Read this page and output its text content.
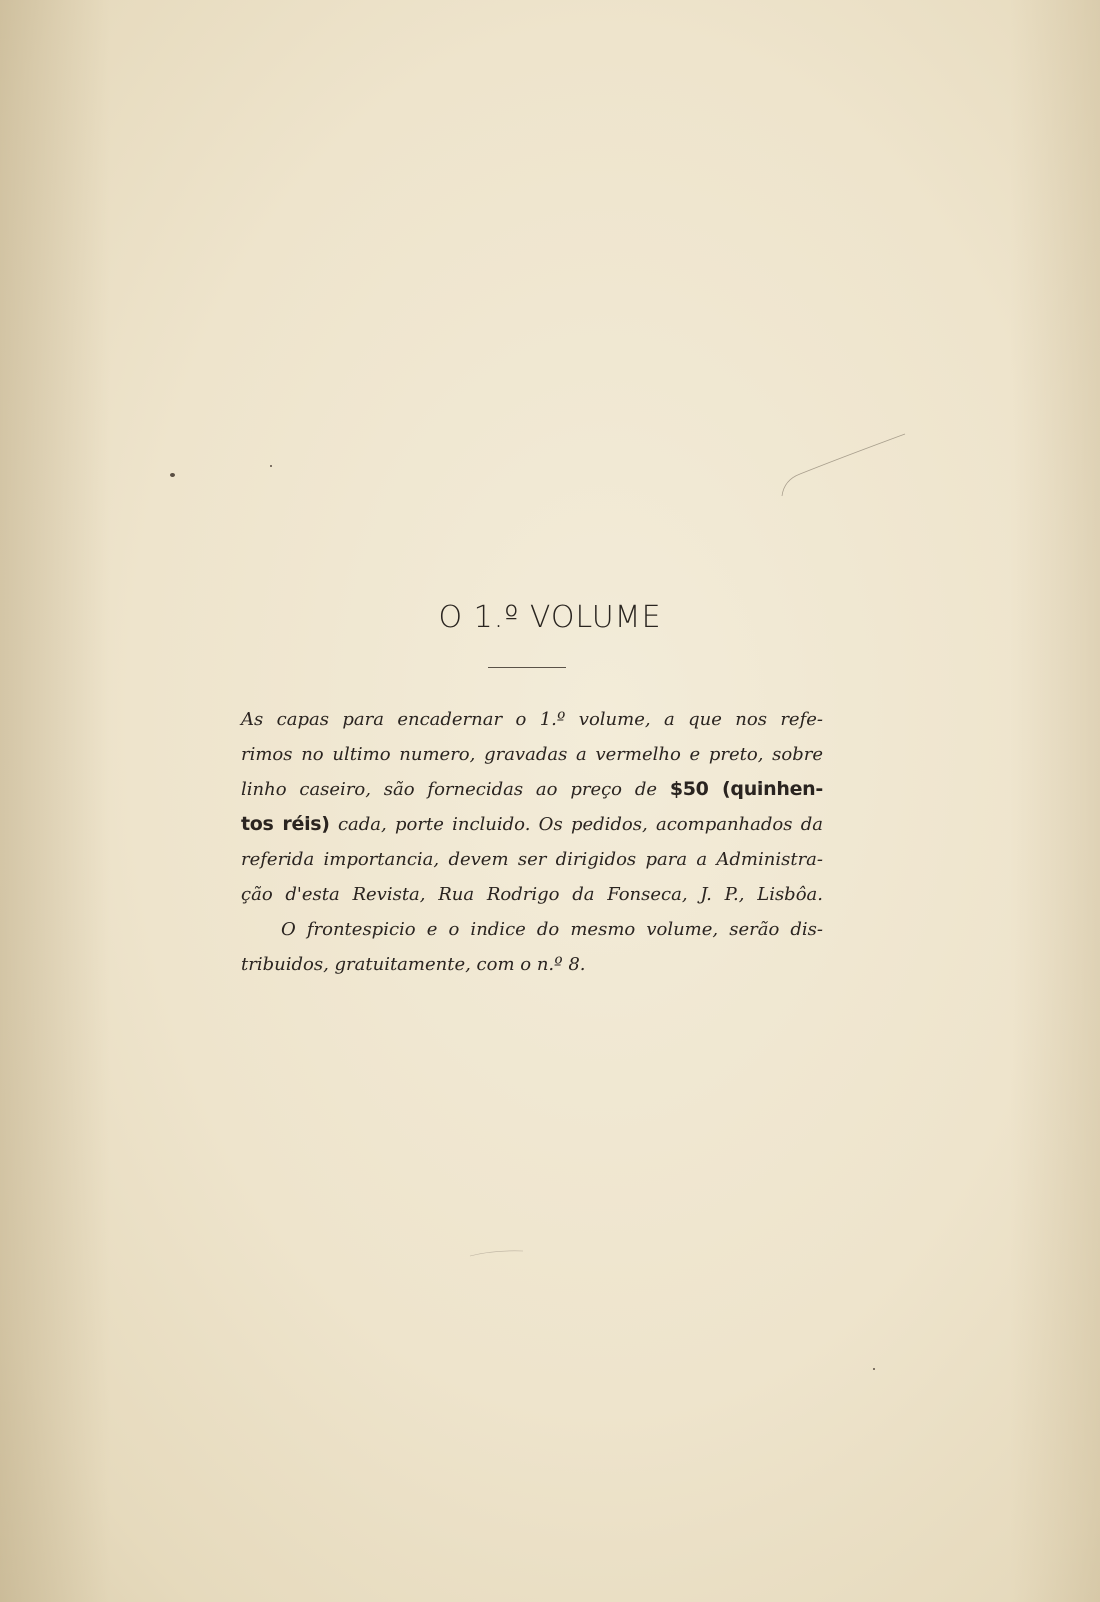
O 1.º VOLUME
As capas para encadernar o 1.º volume, a que nos refe-
rimos no ultimo numero, gravadas a vermelho e preto, sobre
linho caseiro, são fornecidas ao preço de $50 (quinhen-
tos réis) cada, porte incluido. Os pedidos, acompanhados da
referida importancia, devem ser dirigidos para a Administra-
ção d'esta Revista, Rua Rodrigo da Fonseca, J. P., Lisbôa.
O frontespicio e o indice do mesmo volume, serão dis-
tribuidos, gratuitamente, com o n.º 8.
